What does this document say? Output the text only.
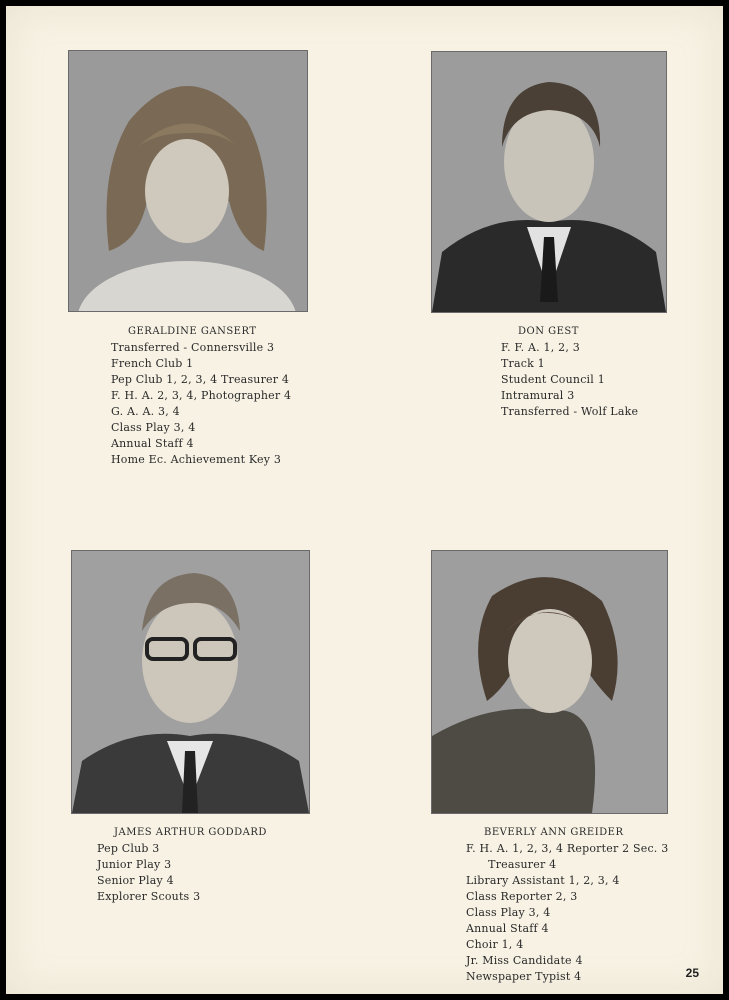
GERALDINE GANSERT
Transferred - Connersville 3
French Club 1
Pep Club 1, 2, 3, 4 Treasurer 4
F. H. A. 2, 3, 4, Photographer 4
G. A. A. 3, 4
Class Play 3, 4
Annual Staff 4
Home Ec. Achievement Key 3
DON GEST
F. F. A. 1, 2, 3
Track 1
Student Council 1
Intramural 3
Transferred - Wolf Lake
JAMES ARTHUR GODDARD
Pep Club 3
Junior Play 3
Senior Play 4
Explorer Scouts 3
BEVERLY ANN GREIDER
F. H. A. 1, 2, 3, 4 Reporter 2 Sec. 3
Treasurer 4
Library Assistant 1, 2, 3, 4
Class Reporter 2, 3
Class Play 3, 4
Annual Staff 4
Choir 1, 4
Jr. Miss Candidate 4
Newspaper Typist 4	25
